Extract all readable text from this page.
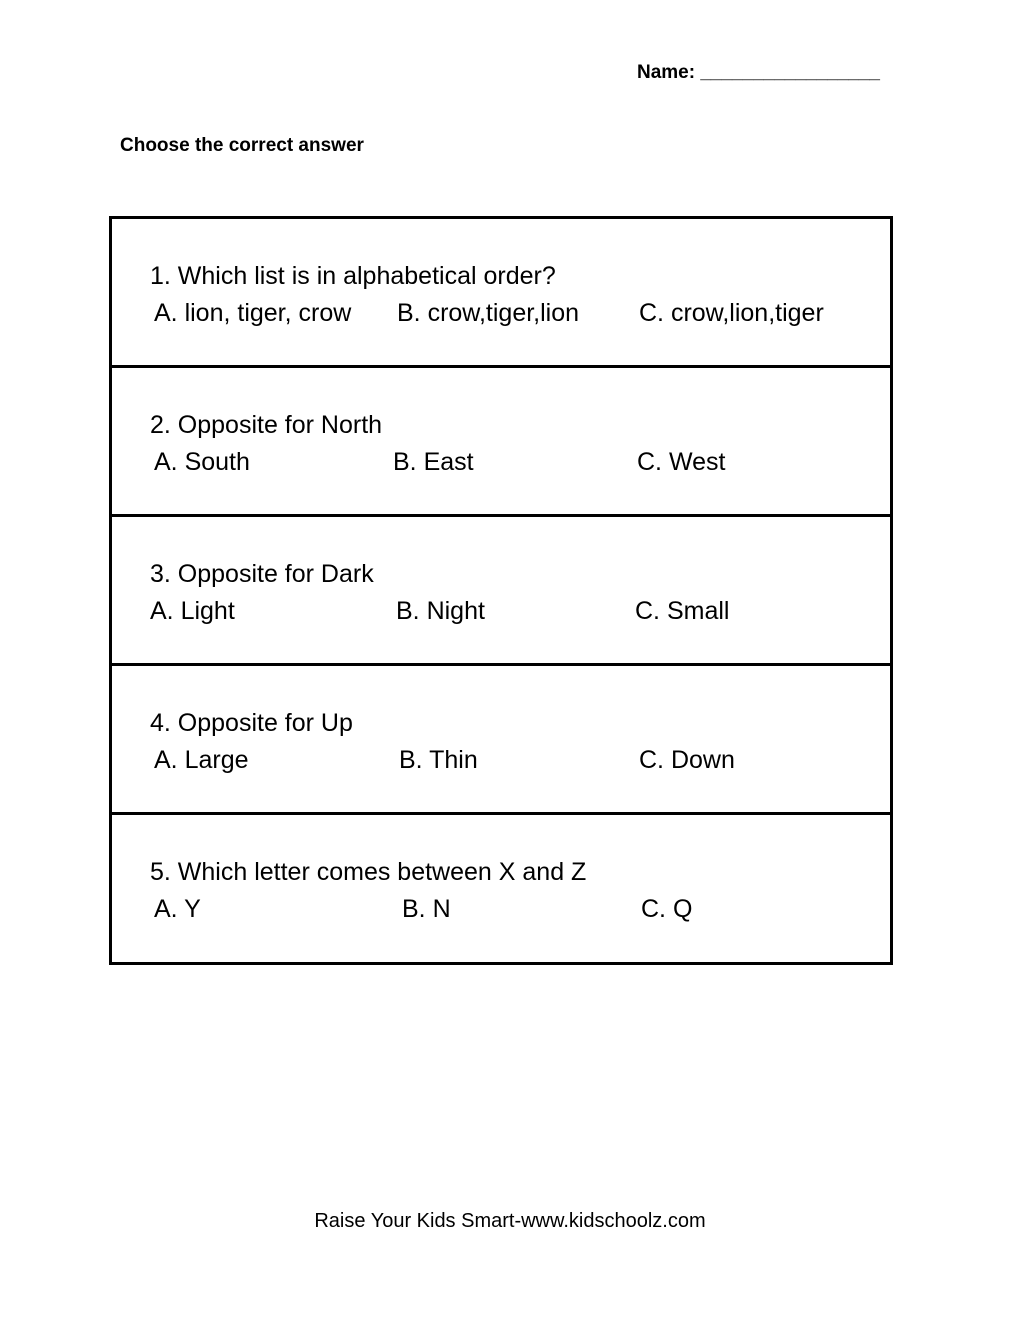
Name: _________________
Choose the correct answer
1. Which list is in alphabetical order?
A. lion, tiger, crow B. crow,tiger,lion C. crow,lion,tiger
2. Opposite for North
A. South	B. East	C. West
3. Opposite for Dark
A. Light	B. Night	C. Small
4. Opposite for Up
A. Large	B. Thin	C. Down
5. Which letter comes between X and Z
A. Y	B. N	C. Q
Raise Your Kids Smart-www.kidschoolz.com
